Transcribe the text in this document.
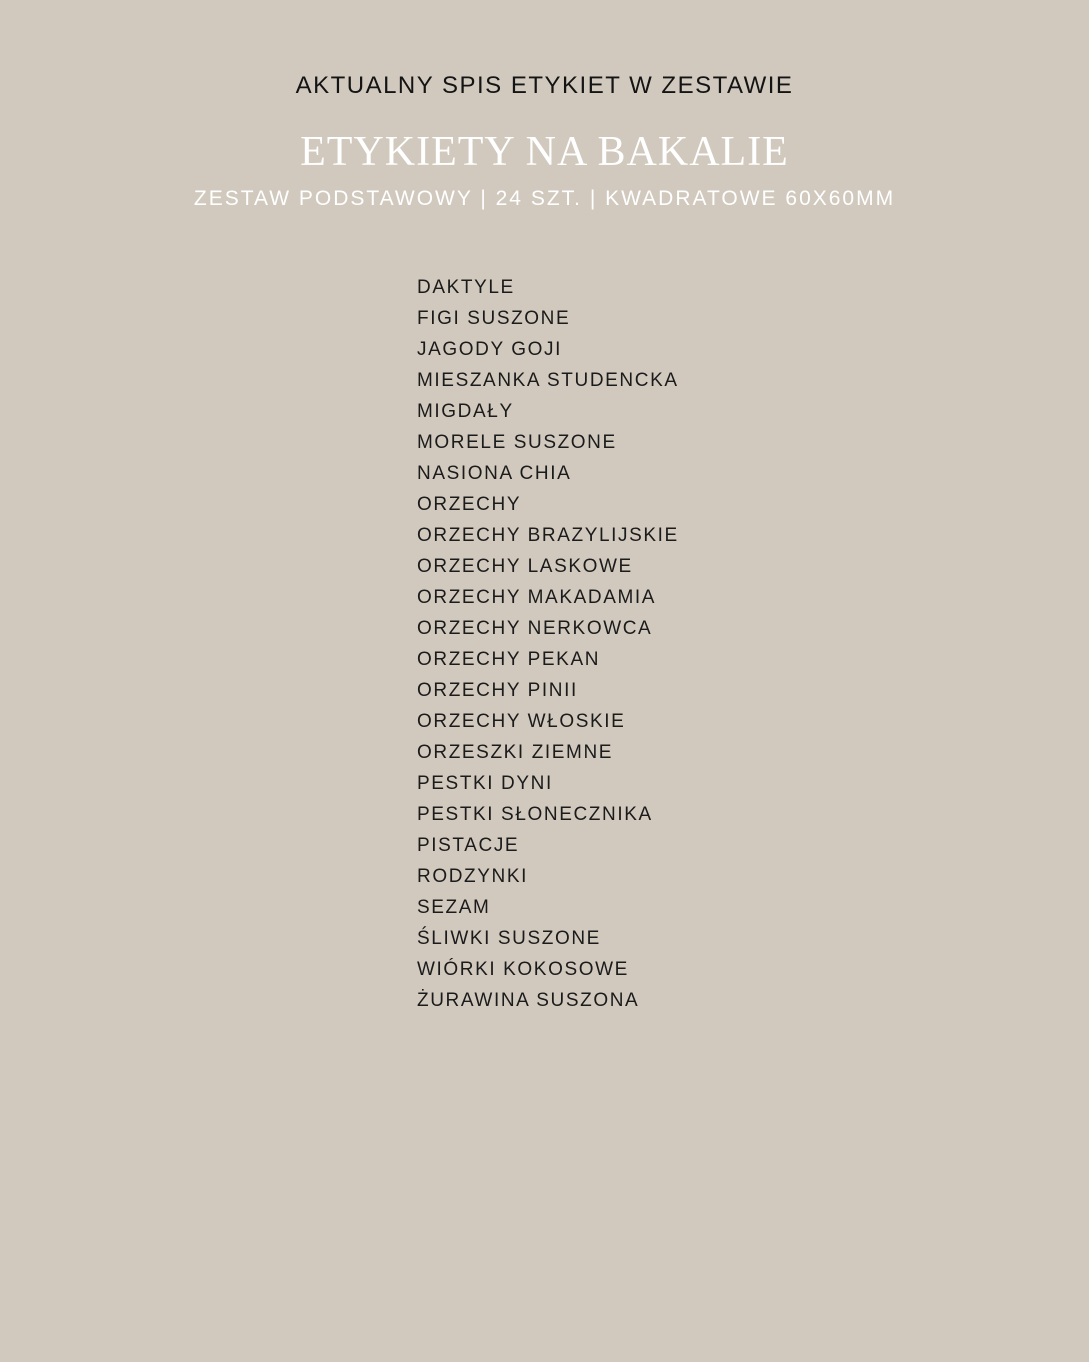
AKTUALNY SPIS ETYKIET W ZESTAWIE
ETYKIETY NA BAKALIE

ZESTAW PODSTAWOWY | 24 SZT. | KWADRATOWE 60X60MM

DAKTYLE
FIGI SUSZONE
JAGODY GOJI
MIESZANKA STUDENCKA
MIGDAŁY
MORELE SUSZONE
NASIONA CHIA
ORZECHY
ORZECHY BRAZYLIJSKIE
ORZECHY LASKOWE
ORZECHY MAKADAMIA
ORZECHY NERKOWCA
ORZECHY PEKAN
ORZECHY PINII
ORZECHY WŁOSKIE
ORZESZKI ZIEMNE
PESTKI DYNI
PESTKI SŁONECZNIKA
PISTACJE
RODZYNKI
SEZAM
ŚLIWKI SUSZONE
WIÓRKI KOKOSOWE
ŻURAWINA SUSZONA
